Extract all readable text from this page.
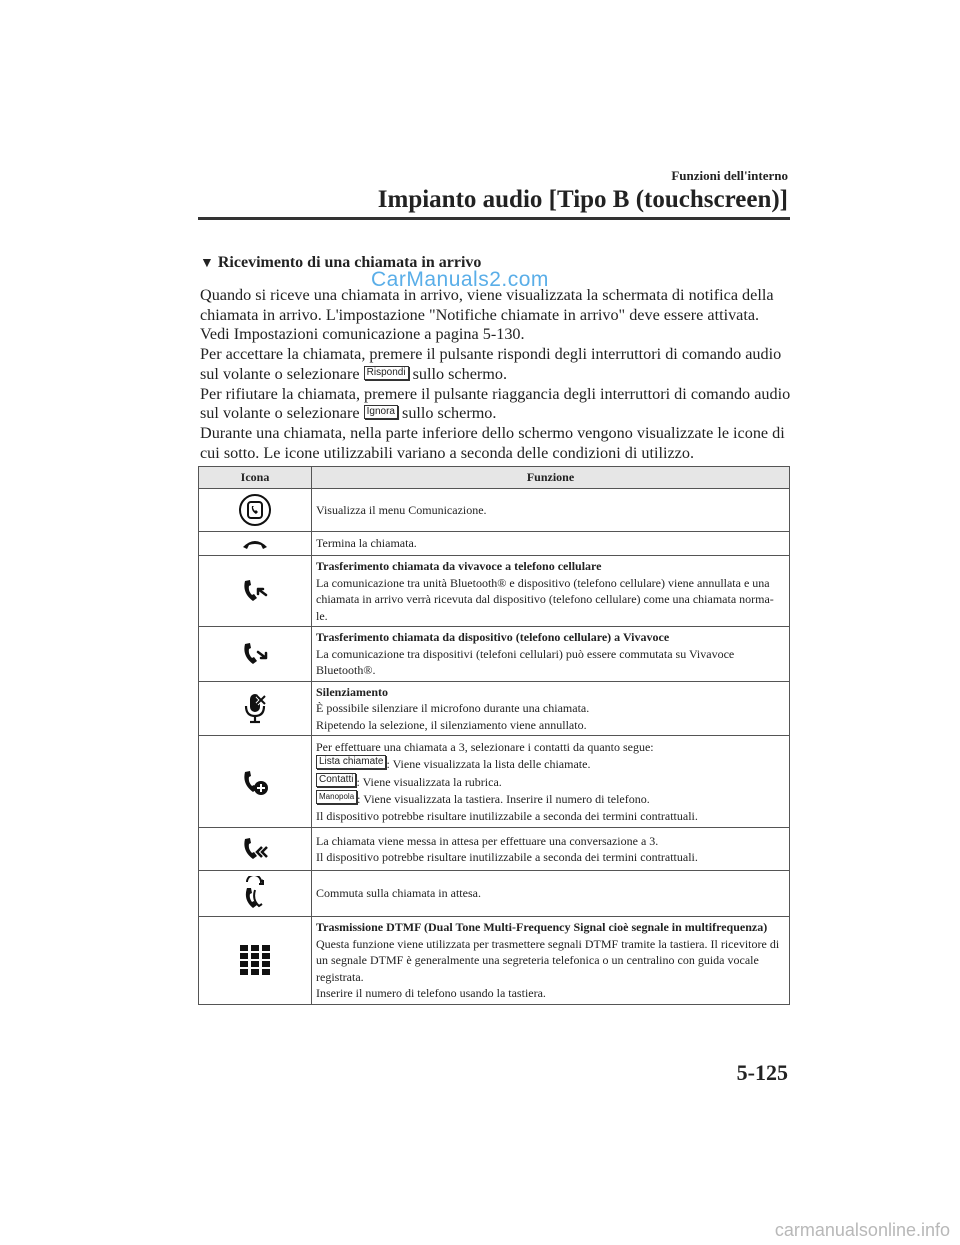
Funzioni dell'interno
Impianto audio [Tipo B (touchscreen)]
▼ Ricevimento di una chiamata in arrivo
Quando si riceve una chiamata in arrivo, viene visualizzata la schermata di notifica della
chiamata in arrivo. L'impostazione "Notifiche chiamate in arrivo" deve essere attivata.
Vedi Impostazioni comunicazione a pagina 5-130.
Per accettare la chiamata, premere il pulsante rispondi degli interruttori di comando audio
sul volante o selezionare Rispondi sullo schermo.
Per rifiutare la chiamata, premere il pulsante riaggancia degli interruttori di comando audio
sul volante o selezionare Ignora sullo schermo.
Durante una chiamata, nella parte inferiore dello schermo vengono visualizzate le icone di
cui sotto. Le icone utilizzabili variano a seconda delle condizioni di utilizzo.
CarManuals2.com
Icona	Funzione
	Visualizza il menu Comunicazione.
	Termina la chiamata.

Trasferimento chiamata da vivavoce a telefono cellulare
La comunicazione tra unità Bluetooth® e dispositivo (telefono cellulare) viene annullata e una
chiamata in arrivo verrà ricevuta dal dispositivo (telefono cellulare) come una chiamata norma-
le.

Trasferimento chiamata da dispositivo (telefono cellulare) a Vivavoce
La comunicazione tra dispositivi (telefoni cellulari) può essere commutata su Vivavoce
Bluetooth®.

Silenziamento
È possibile silenziare il microfono durante una chiamata.
Ripetendo la selezione, il silenziamento viene annullato.

Per effettuare una chiamata a 3, selezionare i contatti da quanto segue:
Lista chiamate : Viene visualizzata la lista delle chiamate.
Contatti : Viene visualizzata la rubrica.
Manopola : Viene visualizzata la tastiera. Inserire il numero di telefono.
Il dispositivo potrebbe risultare inutilizzabile a seconda dei termini contrattuali.

La chiamata viene messa in attesa per effettuare una conversazione a 3.
Il dispositivo potrebbe risultare inutilizzabile a seconda dei termini contrattuali.

	Commuta sulla chiamata in attesa.

Trasmissione DTMF (Dual Tone Multi-Frequency Signal cioè segnale in multifrequenza)
Questa funzione viene utilizzata per trasmettere segnali DTMF tramite la tastiera. Il ricevitore di
un segnale DTMF è generalmente una segreteria telefonica o un centralino con guida vocale
registrata.
Inserire il numero di telefono usando la tastiera.
5-125
carmanualsonline.info
